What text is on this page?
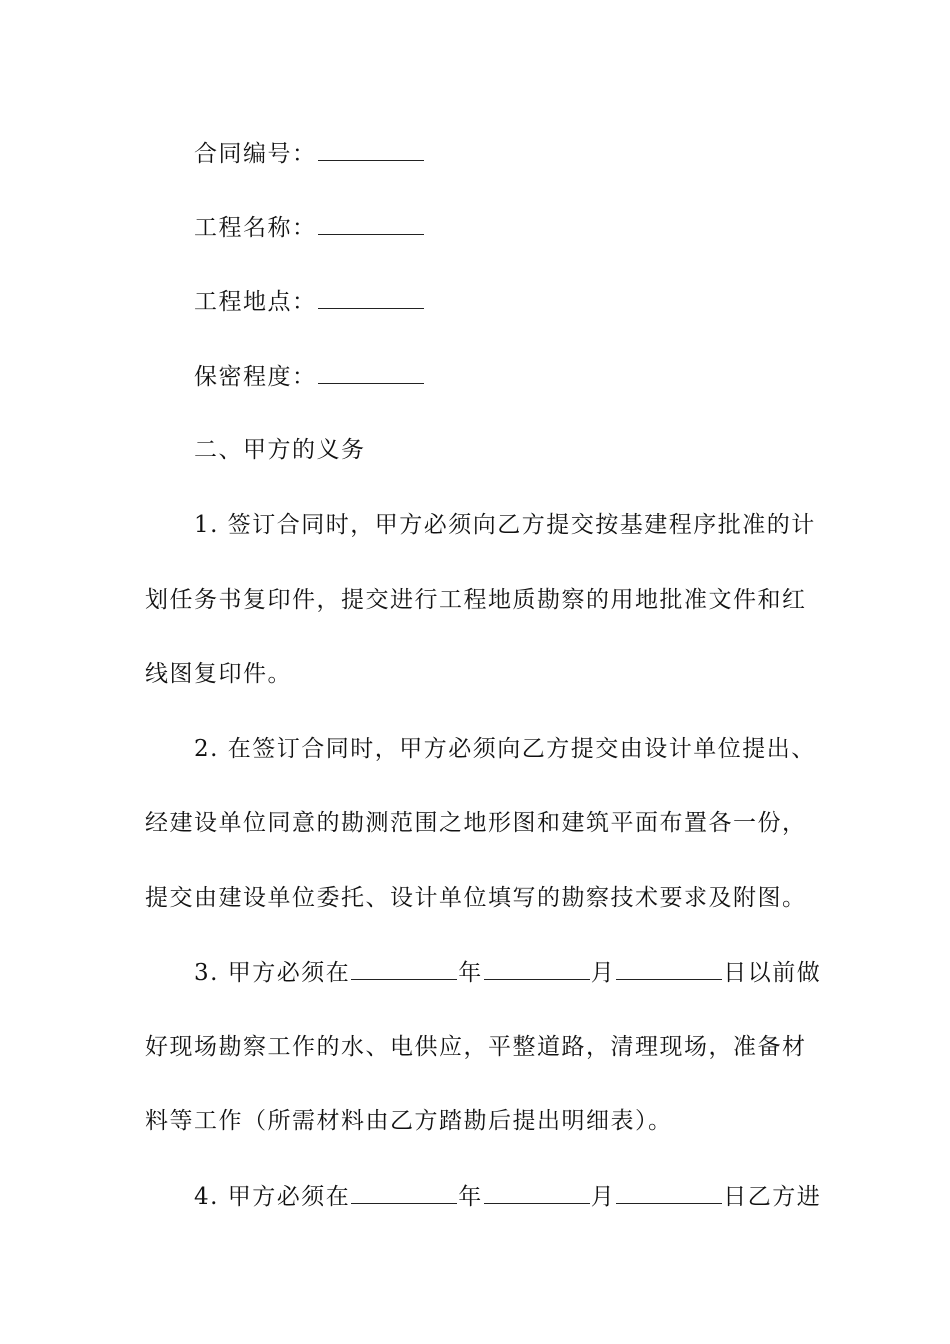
合同编号：
工程名称：
工程地点：
保密程度：
二、甲方的义务
1. 签订合同时，甲方必须向乙方提交按基建程序批准的计
划任务书复印件，提交进行工程地质勘察的用地批准文件和红
线图复印件。
2. 在签订合同时，甲方必须向乙方提交由设计单位提出、
经建设单位同意的勘测范围之地形图和建筑平面布置各一份，
提交由建设单位委托、设计单位填写的勘察技术要求及附图。
3. 甲方必须在	年	月	日以前做
好现场勘察工作的水、电供应，平整道路，清理现场，准备材
料等工作（所需材料由乙方踏勘后提出明细表）。
4. 甲方必须在	年	月	日乙方进
